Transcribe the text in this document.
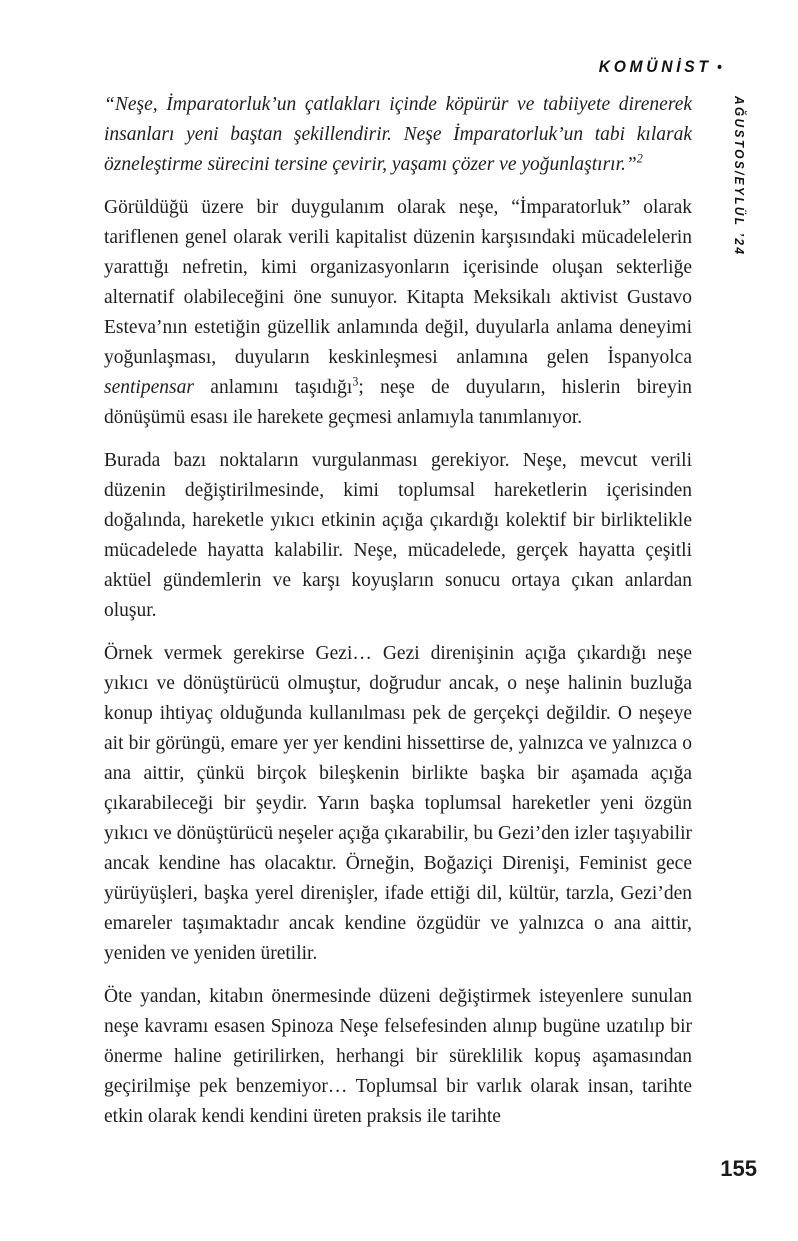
KOMÜNİST •
AĞUSTOS/EYLÜL ’24

“Neşe, İmparatorluk’un çatlakları içinde köpürür ve tabiiyete direnerek insanları yeni baştan şekillendirir. Neşe İmparatorluk’un tabi kılarak özneleştirme sürecini tersine çevirir, yaşamı çözer ve yoğunlaştırır.”$^2$

Görüldüğü üzere bir duygulanım olarak neşe, “İmparatorluk” olarak tariflenen genel olarak verili kapitalist düzenin karşısındaki mücadelelerin yarattığı nefretin, kimi organizasyonların içerisinde oluşan sekterliğe alternatif olabileceğini öne sunuyor. Kitapta Meksikalı aktivist Gustavo Esteva’nın estetiğin güzellik anlamında değil, duyularla anlama deneyimi yoğunlaşması, duyuların keskinleşmesi anlamına gelen İspanyolca sentipensar anlamını taşıdığı$^3$; neşe de duyuların, hislerin bireyin dönüşümü esası ile harekete geçmesi anlamıyla tanımlanıyor.

Burada bazı noktaların vurgulanması gerekiyor. Neşe, mevcut verili düzenin değiştirilmesinde, kimi toplumsal hareketlerin içerisinden doğalında, hareketle yıkıcı etkinin açığa çıkardığı kolektif bir birliktelikle mücadelede hayatta kalabilir. Neşe, mücadelede, gerçek hayatta çeşitli aktüel gündemlerin ve karşı koyuşların sonucu ortaya çıkan anlardan oluşur.

Örnek vermek gerekirse Gezi… Gezi direnişinin açığa çıkardığı neşe yıkıcı ve dönüştürücü olmuştur, doğrudur ancak, o neşe halinin buzluğa konup ihtiyaç olduğunda kullanılması pek de gerçekçi değildir. O neşeye ait bir görüngü, emare yer yer kendini hissettirse de, yalnızca ve yalnızca o ana aittir, çünkü birçok bileşkenin birlikte başka bir aşamada açığa çıkarabileceği bir şeydir. Yarın başka toplumsal hareketler yeni özgün yıkıcı ve dönüştürücü neşeler açığa çıkarabilir, bu Gezi’den izler taşıyabilir ancak kendine has olacaktır. Örneğin, Boğaziçi Direnişi, Feminist gece yürüyüşleri, başka yerel direnişler, ifade ettiği dil, kültür, tarzla, Gezi’den emareler taşımaktadır ancak kendine özgüdür ve yalnızca o ana aittir, yeniden ve yeniden üretilir.

Öte yandan, kitabın önermesinde düzeni değiştirmek isteyenlere sunulan neşe kavramı esasen Spinoza Neşe felsefesinden alınıp bugüne uzatılıp bir önerme haline getirilirken, herhangi bir süreklilik kopuş aşamasından geçirilmişe pek benzemiyor… Toplumsal bir varlık olarak insan, tarihte etkin olarak kendi kendini üreten praksis ile tarihte

155
